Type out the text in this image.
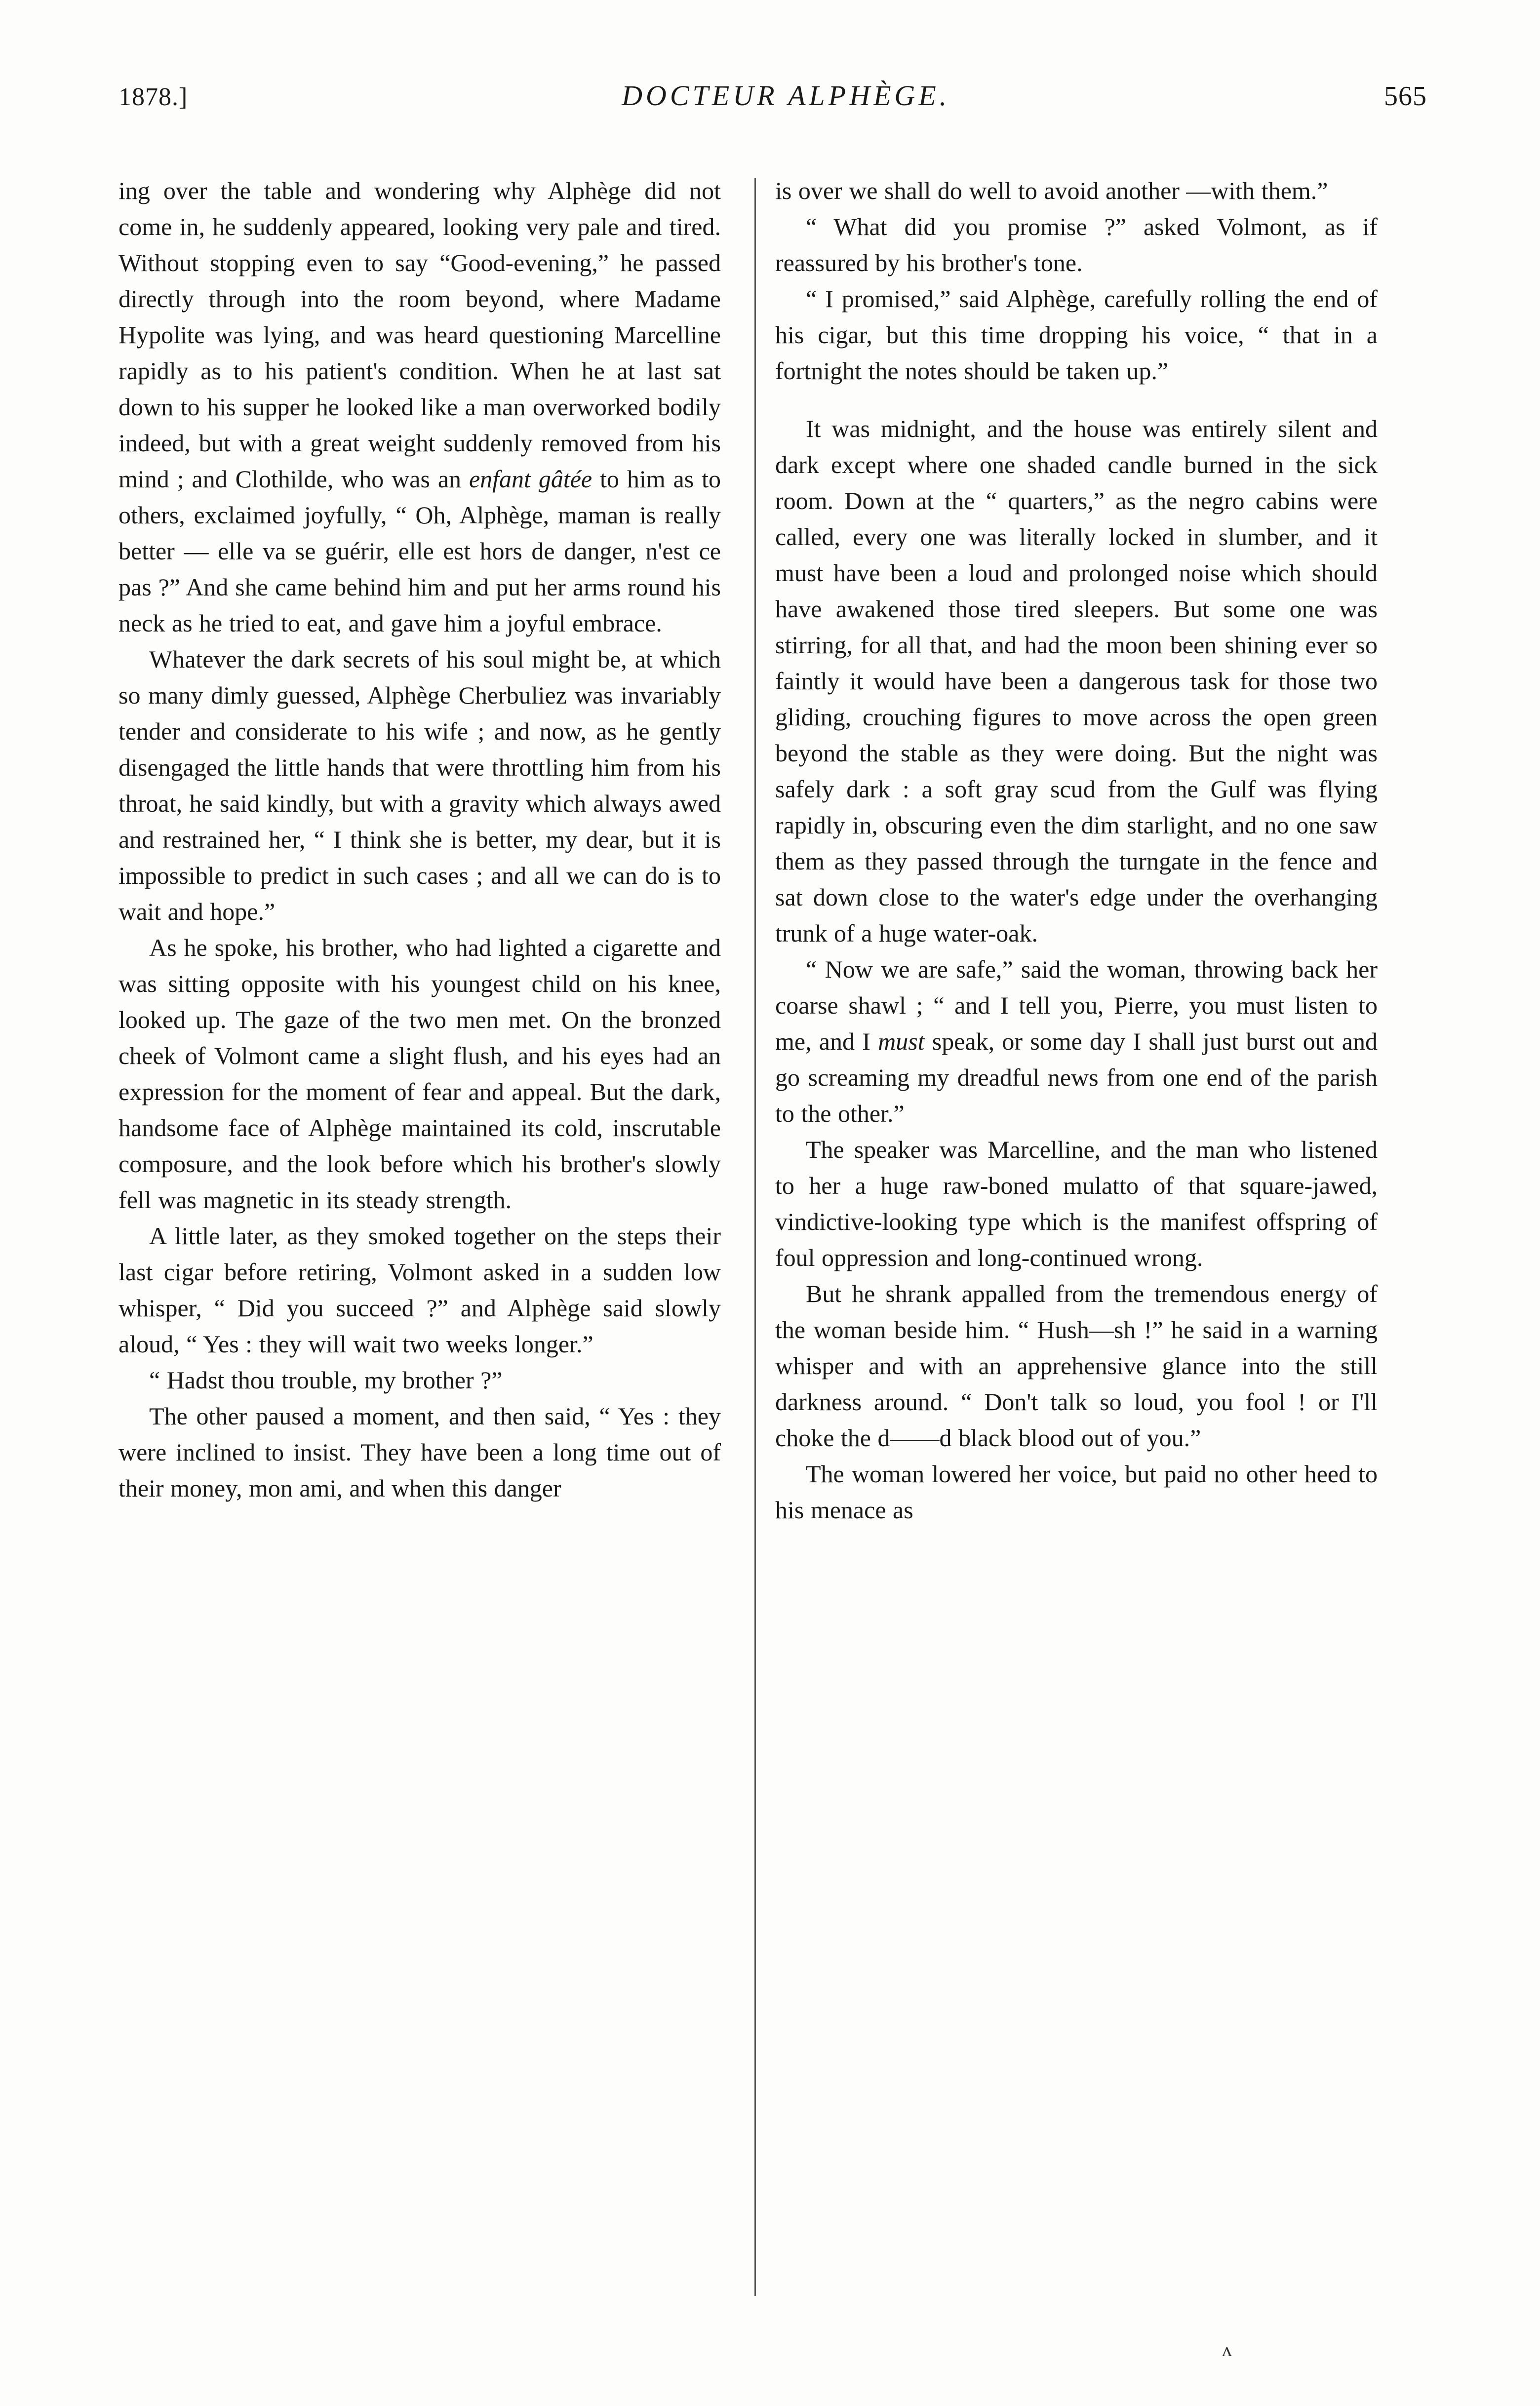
1878.]	DOCTEUR ALPHÈGE.	565

ing over the table and wondering why Alphège did not come in, he suddenly appeared, looking very pale and tired. Without stopping even to say “Good-evening,” he passed directly through into the room beyond, where Madame Hypolite was lying, and was heard questioning Marcelline rapidly as to his patient's condition. When he at last sat down to his supper he looked like a man overworked bodily indeed, but with a great weight suddenly removed from his mind ; and Clothilde, who was an enfant gâtée to him as to others, exclaimed joyfully, “ Oh, Alphège, maman is really better — elle va se guérir, elle est hors de danger, n'est ce pas ?” And she came behind him and put her arms round his neck as he tried to eat, and gave him a joyful embrace.

Whatever the dark secrets of his soul might be, at which so many dimly guessed, Alphège Cherbuliez was invariably tender and considerate to his wife ; and now, as he gently disengaged the little hands that were throttling him from his throat, he said kindly, but with a gravity which always awed and restrained her, “ I think she is better, my dear, but it is impossible to predict in such cases ; and all we can do is to wait and hope.”

As he spoke, his brother, who had lighted a cigarette and was sitting opposite with his youngest child on his knee, looked up. The gaze of the two men met. On the bronzed cheek of Volmont came a slight flush, and his eyes had an expression for the moment of fear and appeal. But the dark, handsome face of Alphège maintained its cold, inscrutable composure, and the look before which his brother's slowly fell was magnetic in its steady strength.

A little later, as they smoked together on the steps their last cigar before retiring, Volmont asked in a sudden low whisper, “ Did you succeed ?” and Alphège said slowly aloud, “ Yes : they will wait two weeks longer.”

“ Hadst thou trouble, my brother ?”

The other paused a moment, and then said, “ Yes : they were inclined to insist. They have been a long time out of their money, mon ami, and when this danger

is over we shall do well to avoid another —with them.”

“ What did you promise ?” asked Volmont, as if reassured by his brother's tone.

“ I promised,” said Alphège, carefully rolling the end of his cigar, but this time dropping his voice, “ that in a fortnight the notes should be taken up.”

It was midnight, and the house was entirely silent and dark except where one shaded candle burned in the sick room. Down at the “ quarters,” as the negro cabins were called, every one was literally locked in slumber, and it must have been a loud and prolonged noise which should have awakened those tired sleepers. But some one was stirring, for all that, and had the moon been shining ever so faintly it would have been a dangerous task for those two gliding, crouching figures to move across the open green beyond the stable as they were doing. But the night was safely dark : a soft gray scud from the Gulf was flying rapidly in, obscuring even the dim starlight, and no one saw them as they passed through the turngate in the fence and sat down close to the water's edge under the overhanging trunk of a huge water-oak.

“ Now we are safe,” said the woman, throwing back her coarse shawl ; “ and I tell you, Pierre, you must listen to me, and I must speak, or some day I shall just burst out and go screaming my dreadful news from one end of the parish to the other.”

The speaker was Marcelline, and the man who listened to her a huge raw-boned mulatto of that square-jawed, vindictive-looking type which is the manifest offspring of foul oppression and long-continued wrong.

But he shrank appalled from the tremendous energy of the woman beside him. “ Hush—sh !” he said in a warning whisper and with an apprehensive glance into the still darkness around. “ Don't talk so loud, you fool ! or I'll choke the d——d black blood out of you.”

The woman lowered her voice, but paid no other heed to his menace as

ʌ
